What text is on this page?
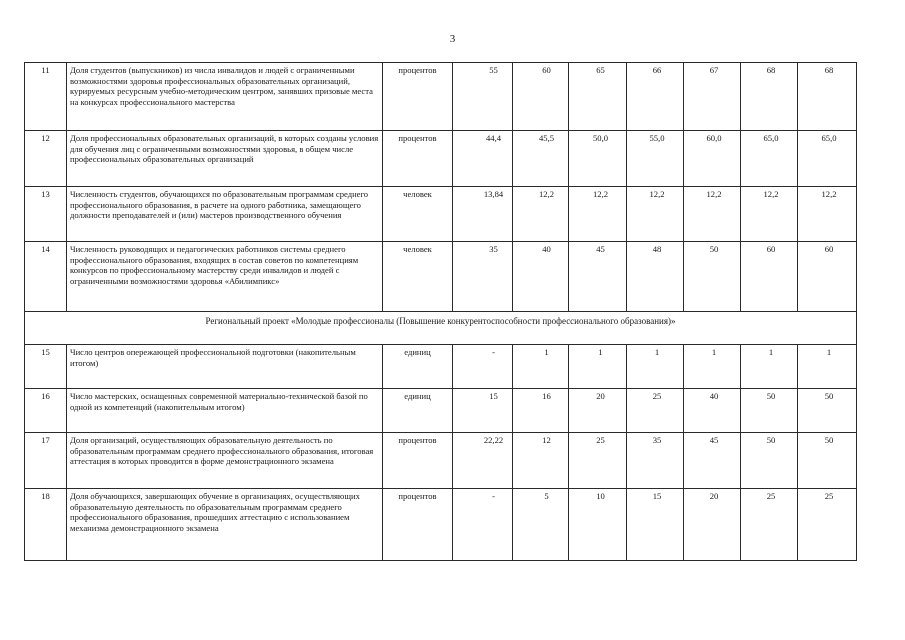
3
11	Доля студентов (выпускников) из числа инвалидов и людей с ограниченными возможностями здоровья профессиональных образовательных организаций, курируемых ресурсным учебно-методическим центром, занявших призовые места на конкурсах профессионального мастерства	процентов	55	60	65	66	67	68	68
12	Доля профессиональных образовательных организаций, в которых созданы условия для обучения лиц с ограниченными возможностями здоровья, в общем числе профессиональных образовательных организаций	процентов	44,4	45,5	50,0	55,0	60,0	65,0	65,0
13	Численность студентов, обучающихся по образовательным программам среднего профессионального образования, в расчете на одного работника, замещающего должности преподавателей и (или) мастеров производственного обучения	человек	13,84	12,2	12,2	12,2	12,2	12,2	12,2
14	Численность руководящих и педагогических работников системы среднего профессионального образования, входящих в состав советов по компетенциям конкурсов по профессиональному мастерству среди инвалидов и людей с ограниченными возможностями здоровья «Абилимпикс»	человек	35	40	45	48	50	60	60
Региональный проект «Молодые профессионалы (Повышение конкурентоспособности профессионального образования)»									
15	Число центров опережающей профессиональной подготовки (накопительным итогом)	единиц	-	1	1	1	1	1	1
16	Число мастерских, оснащенных современной материально-технической базой по одной из компетенций (накопительным итогом)	единиц	15	16	20	25	40	50	50
17	Доля организаций, осуществляющих образовательную деятельность по образовательным программам среднего профессионального образования, итоговая аттестация в которых проводится в форме демонстрационного экзамена	процентов	22,22	12	25	35	45	50	50
18	Доля обучающихся, завершающих обучение в организациях, осуществляющих образовательную деятельность по образовательным программам среднего профессионального образования, прошедших аттестацию с использованием механизма демонстрационного экзамена	процентов	-	5	10	15	20	25	25
